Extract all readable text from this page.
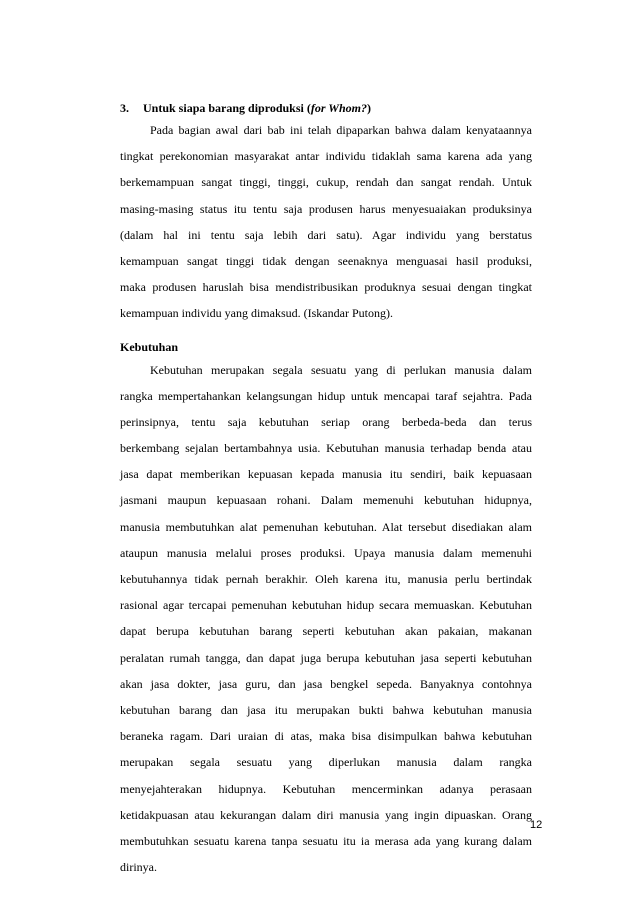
3. Untuk siapa barang diproduksi (for Whom?)

Pada bagian awal dari bab ini telah dipaparkan bahwa dalam kenyataannya
tingkat perekonomian masyarakat antar individu tidaklah sama karena ada yang
berkemampuan sangat tinggi, tinggi, cukup, rendah dan sangat rendah. Untuk
masing-masing status itu tentu saja produsen harus menyesuaiakan produksinya
(dalam hal ini tentu saja lebih dari satu). Agar individu yang berstatus
kemampuan sangat tinggi tidak dengan seenaknya menguasai hasil produksi,
maka produsen haruslah bisa mendistribusikan produknya sesuai dengan tingkat
kemampuan individu yang dimaksud. (Iskandar Putong).

Kebutuhan

Kebutuhan merupakan segala sesuatu yang di perlukan manusia dalam
rangka mempertahankan kelangsungan hidup untuk mencapai taraf sejahtra. Pada
perinsipnya, tentu saja kebutuhan seriap orang berbeda-beda dan terus
berkembang sejalan bertambahnya usia. Kebutuhan manusia terhadap benda atau
jasa dapat memberikan kepuasan kepada manusia itu sendiri, baik kepuasaan
jasmani maupun kepuasaan rohani. Dalam memenuhi kebutuhan hidupnya,
manusia membutuhkan alat pemenuhan kebutuhan. Alat tersebut disediakan alam
ataupun manusia melalui proses produksi. Upaya manusia dalam memenuhi
kebutuhannya tidak pernah berakhir. Oleh karena itu, manusia perlu bertindak
rasional agar tercapai pemenuhan kebutuhan hidup secara memuaskan. Kebutuhan
dapat berupa kebutuhan barang seperti kebutuhan akan pakaian, makanan
peralatan rumah tangga, dan dapat juga berupa kebutuhan jasa seperti kebutuhan
akan jasa dokter, jasa guru, dan jasa bengkel sepeda. Banyaknya contohnya
kebutuhan barang dan jasa itu merupakan bukti bahwa kebutuhan manusia
beraneka ragam. Dari uraian di atas, maka bisa disimpulkan bahwa kebutuhan
merupakan segala sesuatu yang diperlukan manusia dalam rangka
menyejahterakan hidupnya. Kebutuhan mencerminkan adanya perasaan
ketidakpuasan atau kekurangan dalam diri manusia yang ingin dipuaskan. Orang
membutuhkan sesuatu karena tanpa sesuatu itu ia merasa ada yang kurang dalam
dirinya.
12
